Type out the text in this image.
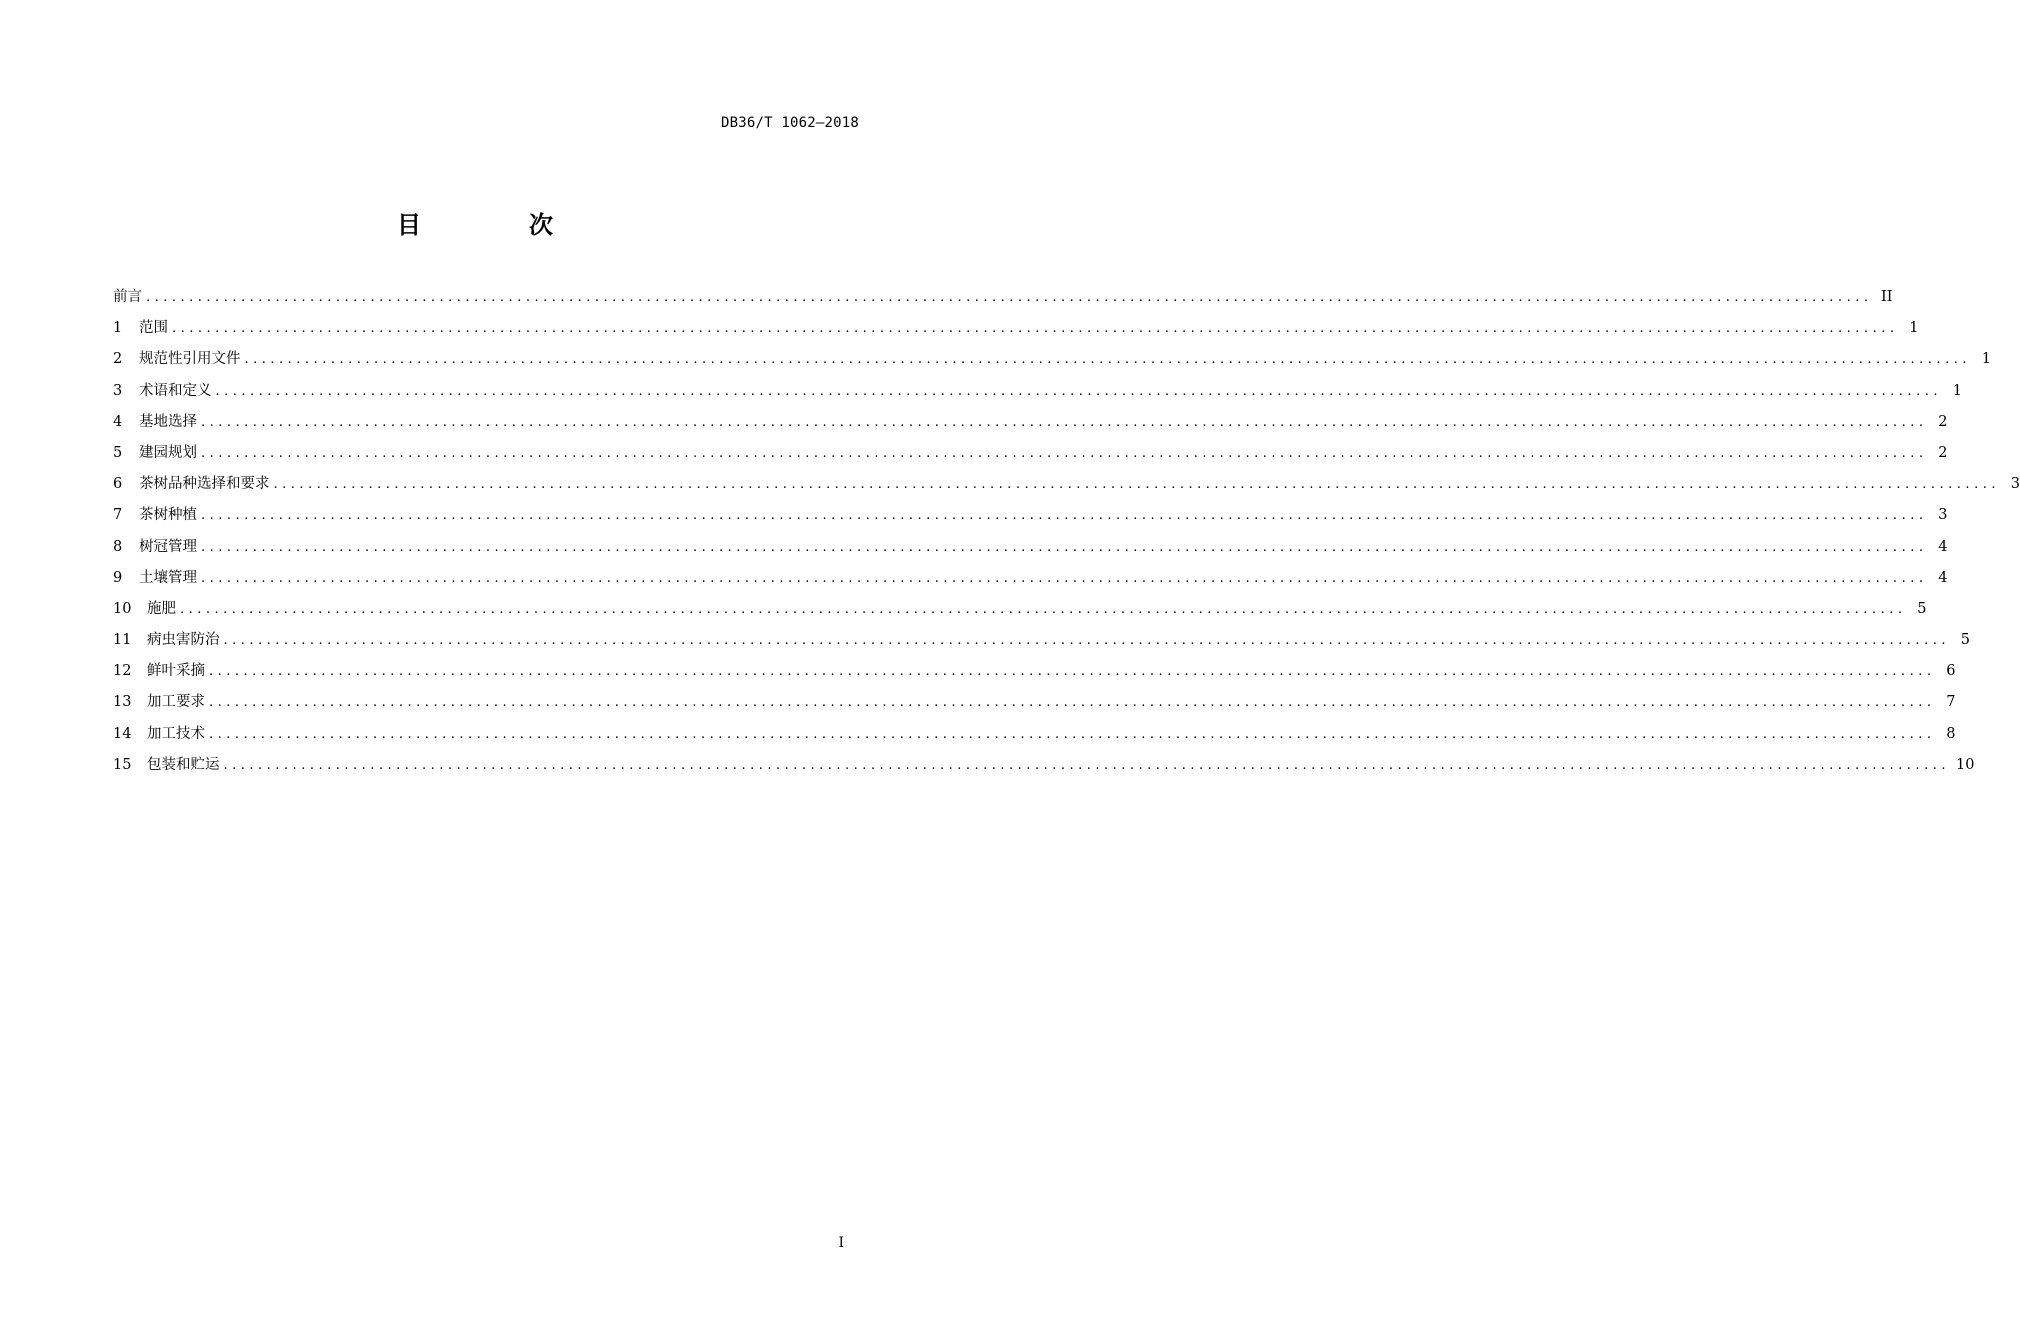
DB36/T 1062—2018
目　次
前言 ........................................................................................................................................................................................................ II
1	范围 ........................................................................................................................................................................................................ 1
2	规范性引用文件 ........................................................................................................................................................................................................ 1
3	术语和定义 ........................................................................................................................................................................................................ 1
4	基地选择 ........................................................................................................................................................................................................ 2
5	建园规划 ........................................................................................................................................................................................................ 2
6	茶树品种选择和要求 ........................................................................................................................................................................................................ 3
7	茶树种植 ........................................................................................................................................................................................................ 3
8	树冠管理 ........................................................................................................................................................................................................ 4
9	土壤管理 ........................................................................................................................................................................................................ 4
10	施肥 ........................................................................................................................................................................................................ 5
11	病虫害防治 ........................................................................................................................................................................................................ 5
12	鲜叶采摘 ........................................................................................................................................................................................................ 6
13	加工要求 ........................................................................................................................................................................................................ 7
14	加工技术 ........................................................................................................................................................................................................ 8
15	包装和贮运 ........................................................................................................................................................................................................ 10
I
